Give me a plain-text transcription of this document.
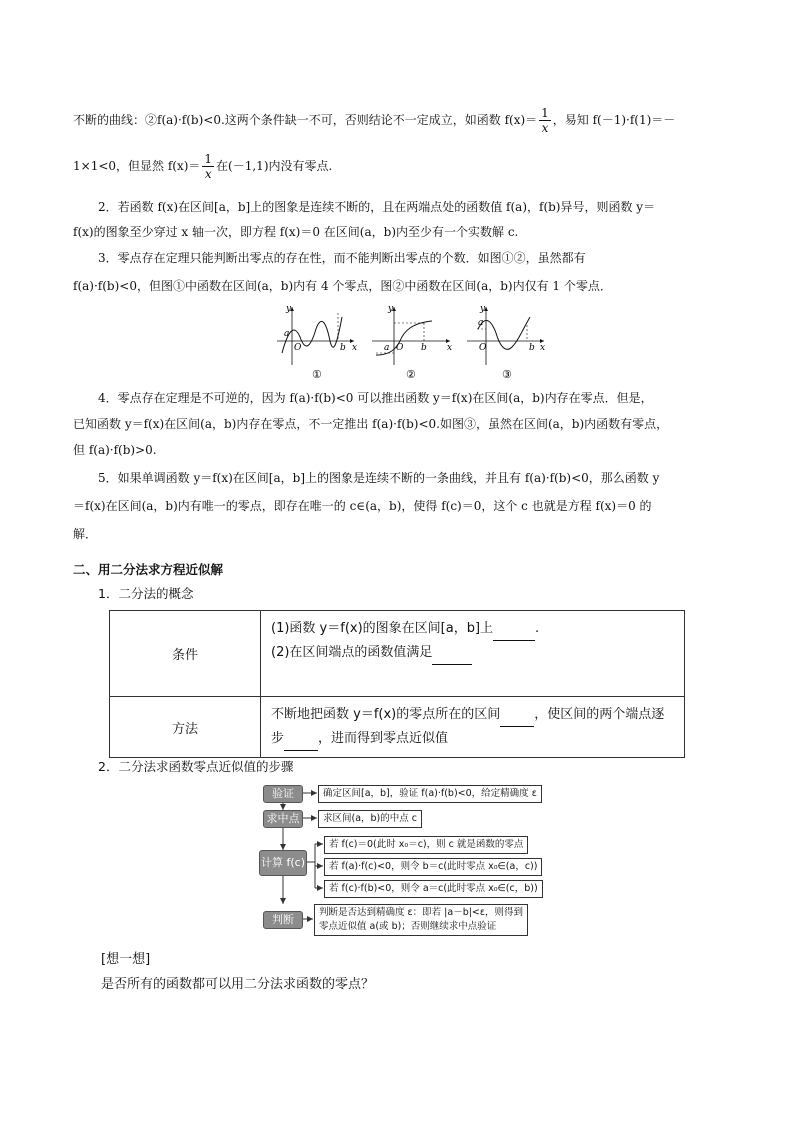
不断的曲线：②f(a)·f(b)<0.这两个条件缺一不可，否则结论不一定成立，如函数 $f(x)= \frac{1}{x}$ ，易知 f(－1)·f(1)＝－
1×1<0，但显然 $f(x)= \frac{1}{x}$ 在(－1,1)内没有零点.
2．若函数 f(x)在区间[a，b]上的图象是连续不断的，且在两端点处的函数值 f(a)，f(b)异号，则函数 y＝
f(x)的图象至少穿过 x 轴一次，即方程 f(x)＝0 在区间(a，b)内至少有一个实数解 c.
3．零点存在定理只能判断出零点的存在性，而不能判断出零点的个数．如图①②，虽然都有
f(a)·f(b)<0，但图①中函数在区间(a，b)内有 4 个零点，图②中函数在区间(a，b)内仅有 1 个零点．
a
O	b
y
x
①
a O b
y
x
②
a
O	b
y
x
③
4．零点存在定理是不可逆的，因为 f(a)·f(b)<0 可以推出函数 y＝f(x)在区间(a，b)内存在零点．但是，
已知函数 y＝f(x)在区间(a，b)内存在零点，不一定推出 f(a)·f(b)<0.如图③，虽然在区间(a，b)内函数有零点，
但 f(a)·f(b)>0.
5．如果单调函数 y＝f(x)在区间[a，b]上的图象是连续不断的一条曲线，并且有 f(a)·f(b)<0，那么函数 y
＝f(x)在区间(a，b)内有唯一的零点，即存在唯一的 c∈(a，b)，使得 f(c)＝0，这个 c 也就是方程 f(x)＝0 的
解．
二、用二分法求方程近似解
1．二分法的概念
条件	(1)函数 y＝f(x)的图象在区间[a，b]上 .
(2)在区间端点的函数值满足

方法	不断地把函数 y＝f(x)的零点所在的区间 ，使区间的两个端点逐
步 ，进而得到零点近似值
2．二分法求函数零点近似值的步骤
验证
求中点
计算 f(c)
判断
确定区间[a，b]，验证 f(a)·f(b)<0，给定精确度 ε
求区间(a，b)的中点 c
若 f(c)＝0(此时 x₀＝c)，则 c 就是函数的零点
若 f(a)·f(c)<0，则令 b＝c(此时零点 x₀∈(a，c))
若 f(c)·f(b)<0，则令 a＝c(此时零点 x₀∈(c，b))
判断是否达到精确度 ε：即若 |a－b|<ε，则得到
零点近似值 a(或 b)；否则继续求中点验证
[想一想]
是否所有的函数都可以用二分法求函数的零点？
